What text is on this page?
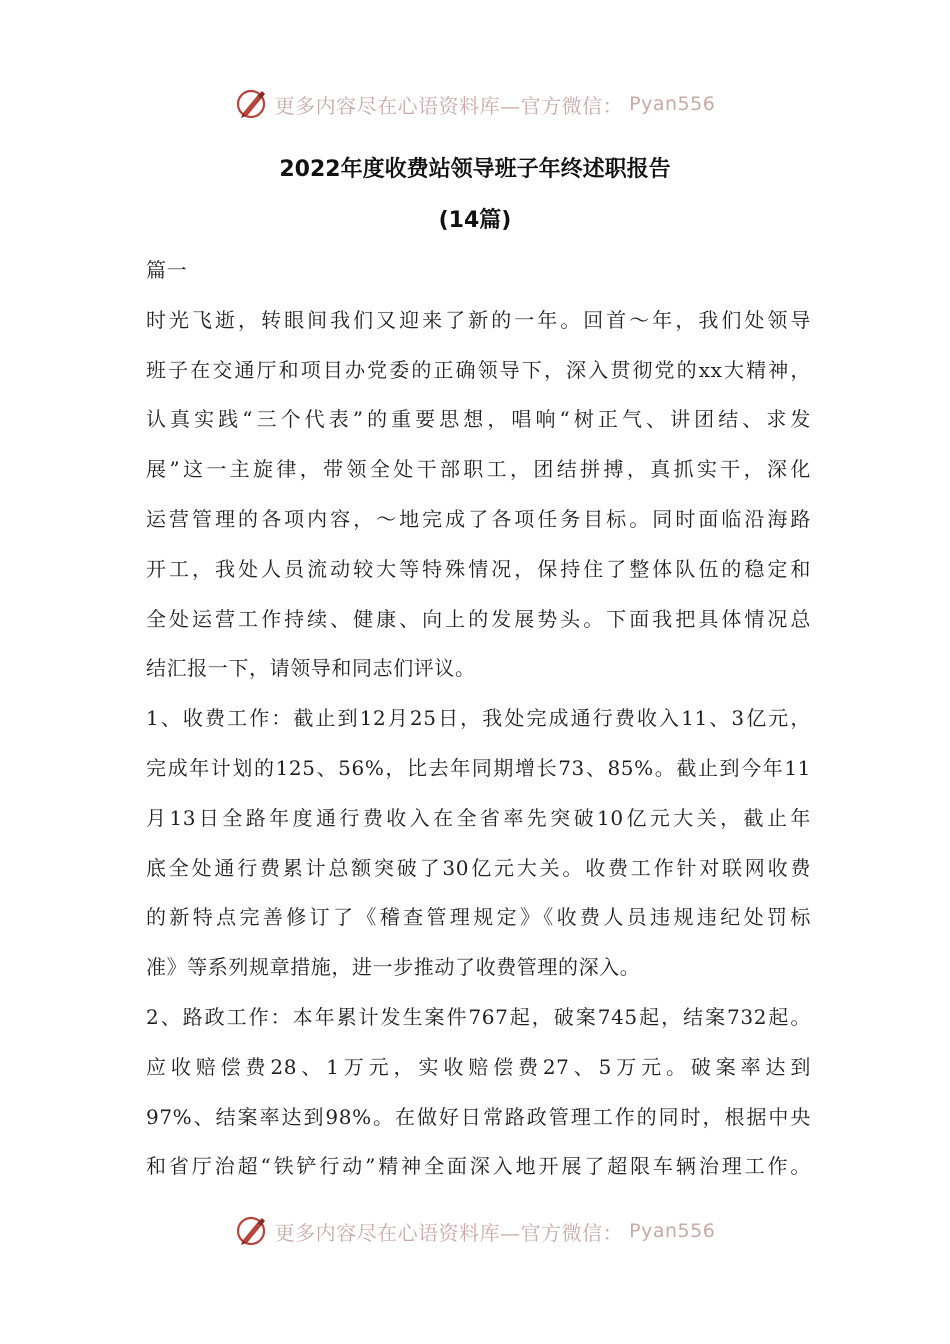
更多内容尽在心语资料库—官方微信： Pyan556
2022年度收费站领导班子年终述职报告
(14篇)
篇一
时光飞逝，转眼间我们又迎来了新的一年。回首～年，我们处领导
班子在交通厅和项目办党委的正确领导下，深入贯彻党的xx大精神，
认真实践“三个代表”的重要思想，唱响“树正气、讲团结、求发
展”这一主旋律，带领全处干部职工，团结拼搏，真抓实干，深化
运营管理的各项内容，～地完成了各项任务目标。同时面临沿海路
开工，我处人员流动较大等特殊情况，保持住了整体队伍的稳定和
全处运营工作持续、健康、向上的发展势头。下面我把具体情况总
结汇报一下，请领导和同志们评议。
1、收费工作：截止到12月25日，我处完成通行费收入11、3亿元，
完成年计划的125、56%，比去年同期增长73、85%。截止到今年11
月13日全路年度通行费收入在全省率先突破10亿元大关，截止年
底全处通行费累计总额突破了30亿元大关。收费工作针对联网收费
的新特点完善修订了《稽查管理规定》《收费人员违规违纪处罚标
准》等系列规章措施，进一步推动了收费管理的深入。
2、路政工作：本年累计发生案件767起，破案745起，结案732起。
应收赔偿费28、1万元，实收赔偿费27、5万元。破案率达到
97%、结案率达到98%。在做好日常路政管理工作的同时，根据中央
和省厅治超“铁铲行动”精神全面深入地开展了超限车辆治理工作。
更多内容尽在心语资料库—官方微信： Pyan556
